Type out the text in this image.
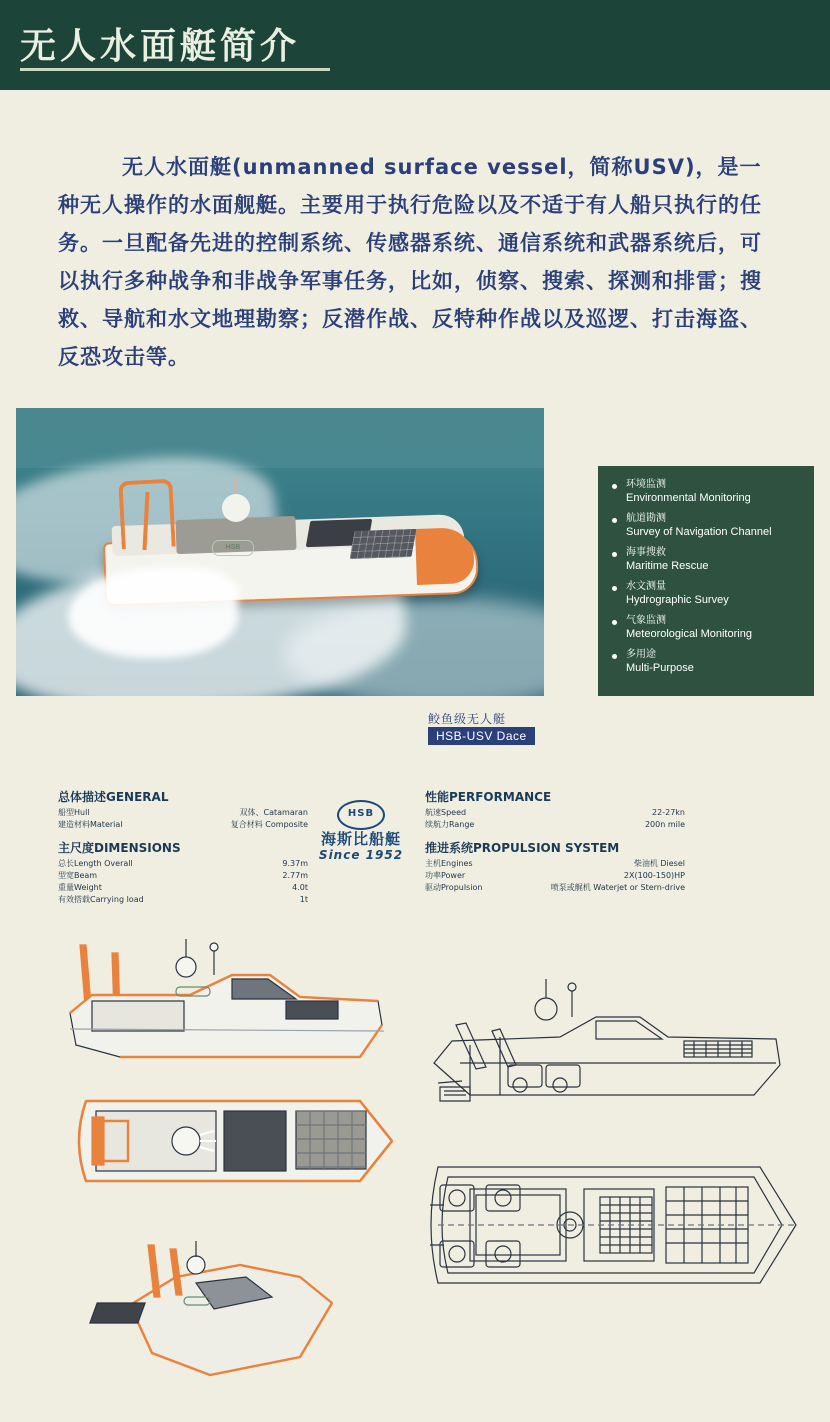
无人水面艇简介
无人水面艇(unmanned surface vessel，简称USV)，是一种无人操作的水面舰艇。主要用于执行危险以及不适于有人船只执行的任务。一旦配备先进的控制系统、传感器系统、通信系统和武器系统后，可以执行多种战争和非战争军事任务，比如，侦察、搜索、探测和排雷；搜救、导航和水文地理勘察；反潜作战、反特种作战以及巡逻、打击海盗、反恐攻击等。
HSB
环境监测
Environmental Monitoring
航道勘测
Survey of Navigation Channel
海事搜救
Maritime Rescue
水文测量
Hydrographic Survey
气象监测
Meteorological Monitoring
多用途
Multi-Purpose
鲛鱼级无人艇
HSB-USV Dace
总体描述GENERAL
船型Hull	双体、Catamaran
建造材料Material	复合材料 Composite
主尺度DIMENSIONS
总长Length Overall	9.37m
型宽Beam	2.77m
重量Weight	4.0t
有效搭载Carrying load	1t
HSB
海斯比船艇
Since 1952
性能PERFORMANCE
航速Speed	22-27kn
续航力Range	200n mile
推进系统PROPULSION SYSTEM
主机Engines	柴油机 Diesel
功率Power	2X(100-150)HP
驱动Propulsion	喷泵或艉机 Waterjet or Stern-drive
